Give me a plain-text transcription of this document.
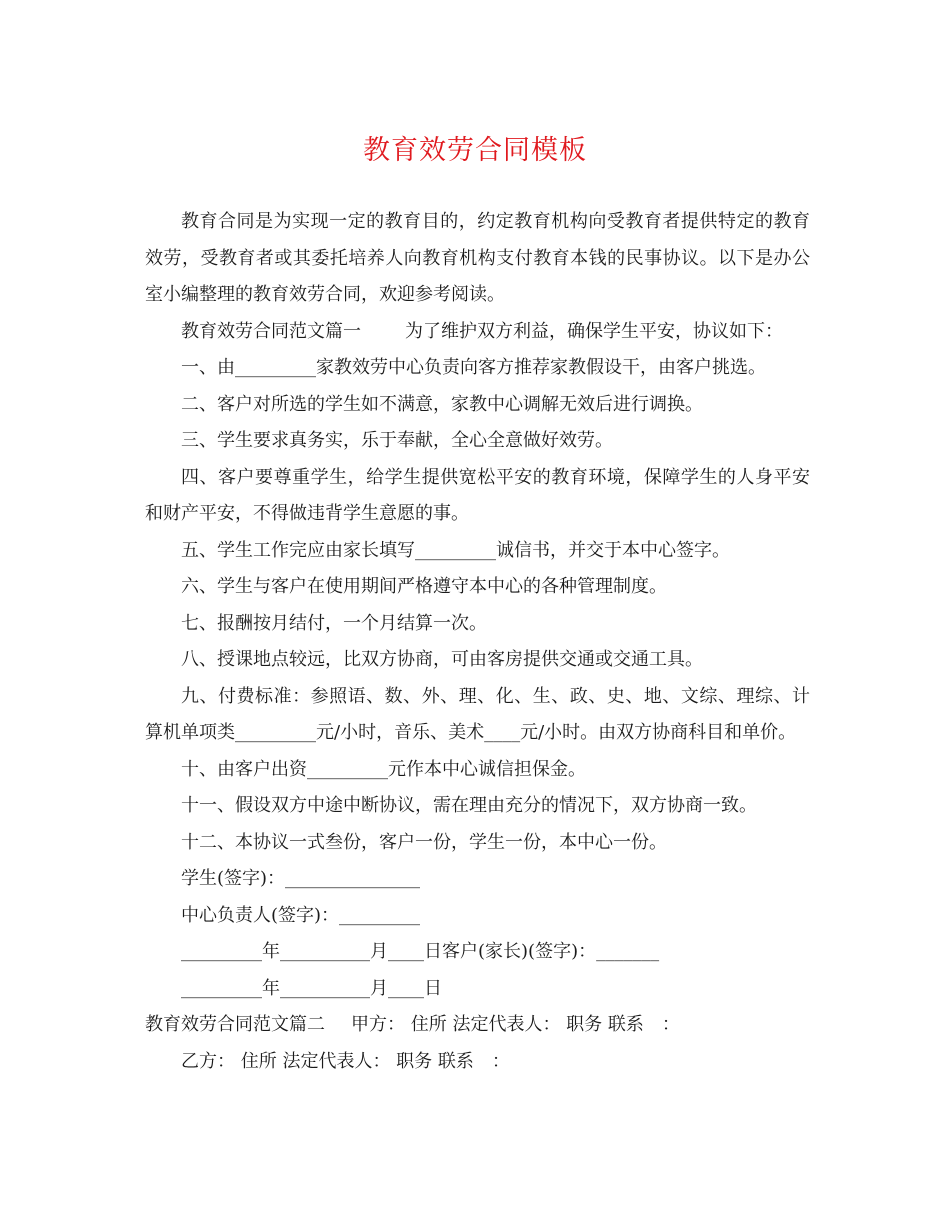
教育效劳合同模板

教育合同是为实现一定的教育目的，约定教育机构向受教育者提供特定的教育效劳，受教育者或其委托培养人向教育机构支付教育本钱的民事协议。以下是办公室小编整理的教育效劳合同，欢迎参考阅读。

教育效劳合同范文篇一 为了维护双方利益，确保学生平安，协议如下：

一、由_________家教效劳中心负责向客方推荐家教假设干，由客户挑选。

二、客户对所选的学生如不满意，家教中心调解无效后进行调换。

三、学生要求真务实，乐于奉献，全心全意做好效劳。

四、客户要尊重学生，给学生提供宽松平安的教育环境，保障学生的人身平安和财产平安，不得做违背学生意愿的事。

五、学生工作完应由家长填写_________诚信书，并交于本中心签字。

六、学生与客户在使用期间严格遵守本中心的各种管理制度。

七、报酬按月结付，一个月结算一次。

八、授课地点较远，比双方协商，可由客房提供交通或交通工具。

九、付费标准：参照语、数、外、理、化、生、政、史、地、文综、理综、计算机单项类_________元/小时，音乐、美术____元/小时。由双方协商科目和单价。

十、由客户出资_________元作本中心诚信担保金。

十一、假设双方中途中断协议，需在理由充分的情况下，双方协商一致。

十二、本协议一式叁份，客户一份，学生一份，本中心一份。

学生(签字)：_______________

中心负责人(签字)：_________

_________年__________月____日客户(家长)(签字)：_______

_________年__________月____日

教育效劳合同范文篇二 甲方： 住所 法定代表人： 职务 联系　：

乙方： 住所 法定代表人： 职务 联系　：
